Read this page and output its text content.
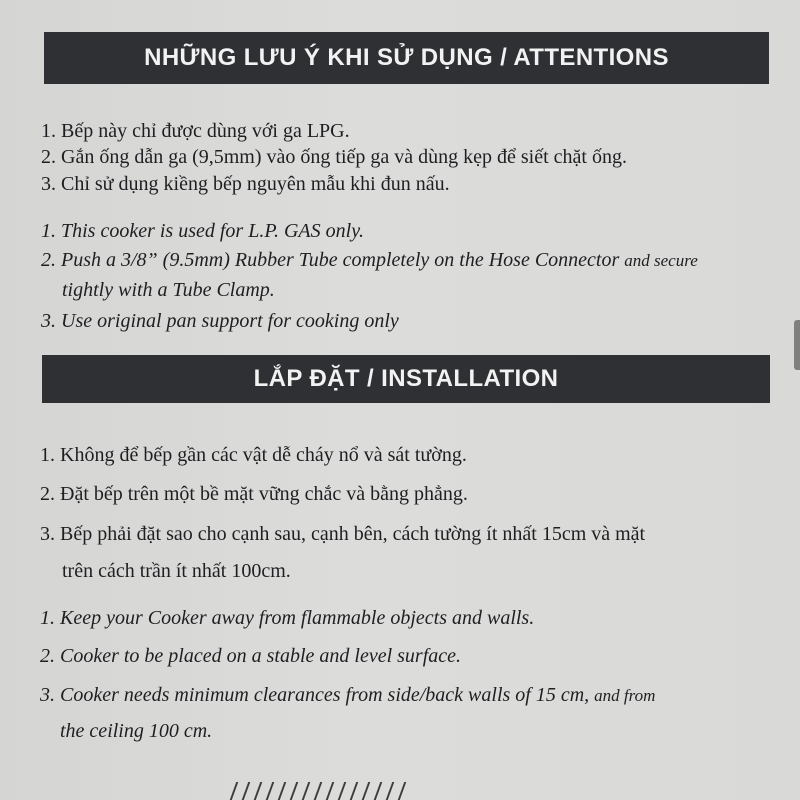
NHỮNG LƯU Ý KHI SỬ DỤNG / ATTENTIONS
1. Bếp này chỉ được dùng với ga LPG.
2. Gắn ống dẫn ga (9,5mm) vào ống tiếp ga và dùng kẹp để siết chặt ống.
3. Chỉ sử dụng kiềng bếp nguyên mẫu khi đun nấu.
1. This cooker is used for L.P. GAS only.
2. Push a 3/8” (9.5mm) Rubber Tube completely on the Hose Connector and secure
tightly with a Tube Clamp.
3. Use original pan support for cooking only
LẮP ĐẶT / INSTALLATION
1. Không để bếp gần các vật dễ cháy nổ và sát tường.
2. Đặt bếp trên một bề mặt vững chắc và bằng phẳng.
3. Bếp phải đặt sao cho cạnh sau, cạnh bên, cách tường ít nhất 15cm và mặt
trên cách trần ít nhất 100cm.
1. Keep your Cooker away from flammable objects and walls.
2. Cooker to be placed on a stable and level surface.
3. Cooker needs minimum clearances from side/back walls of 15 cm, and from
the ceiling 100 cm.
